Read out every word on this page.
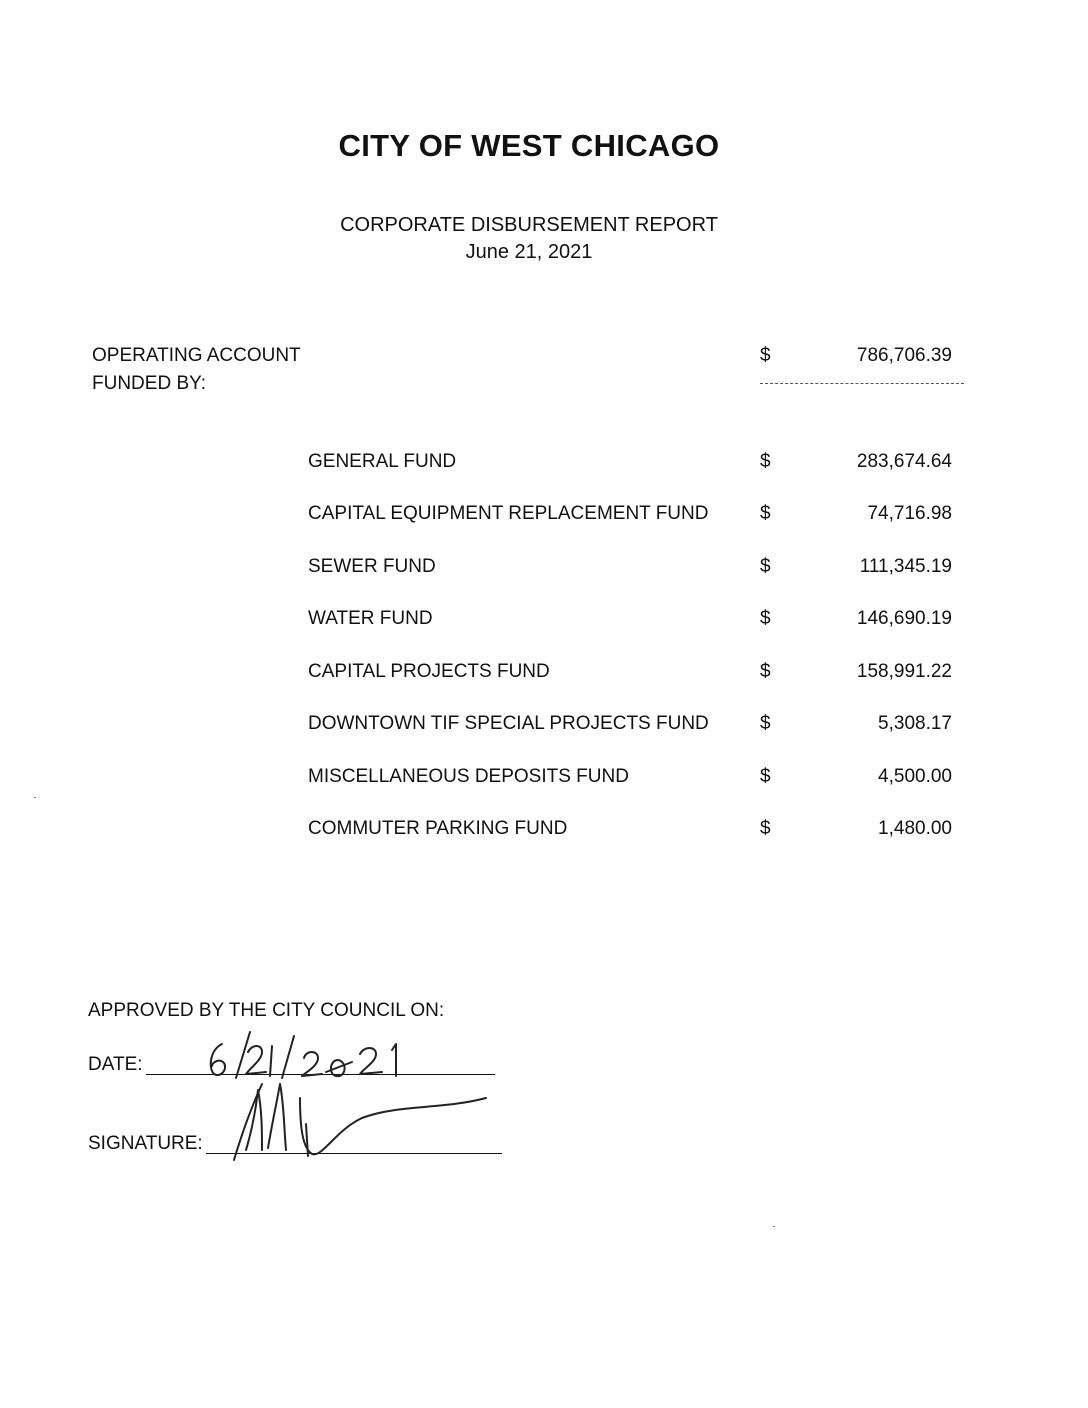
CITY OF WEST CHICAGO
CORPORATE DISBURSEMENT REPORT
June 21, 2021
OPERATING ACCOUNT
FUNDED BY:
$	786,706.39
GENERAL FUND	$	283,674.64
CAPITAL EQUIPMENT REPLACEMENT FUND	$	74,716.98
SEWER FUND	$	111,345.19
WATER FUND	$	146,690.19
CAPITAL PROJECTS FUND	$	158,991.22
DOWNTOWN TIF SPECIAL PROJECTS FUND	$	5,308.17
MISCELLANEOUS DEPOSITS FUND	$	4,500.00
COMMUTER PARKING FUND	$	1,480.00
APPROVED BY THE CITY COUNCIL ON:
DATE:
SIGNATURE:
